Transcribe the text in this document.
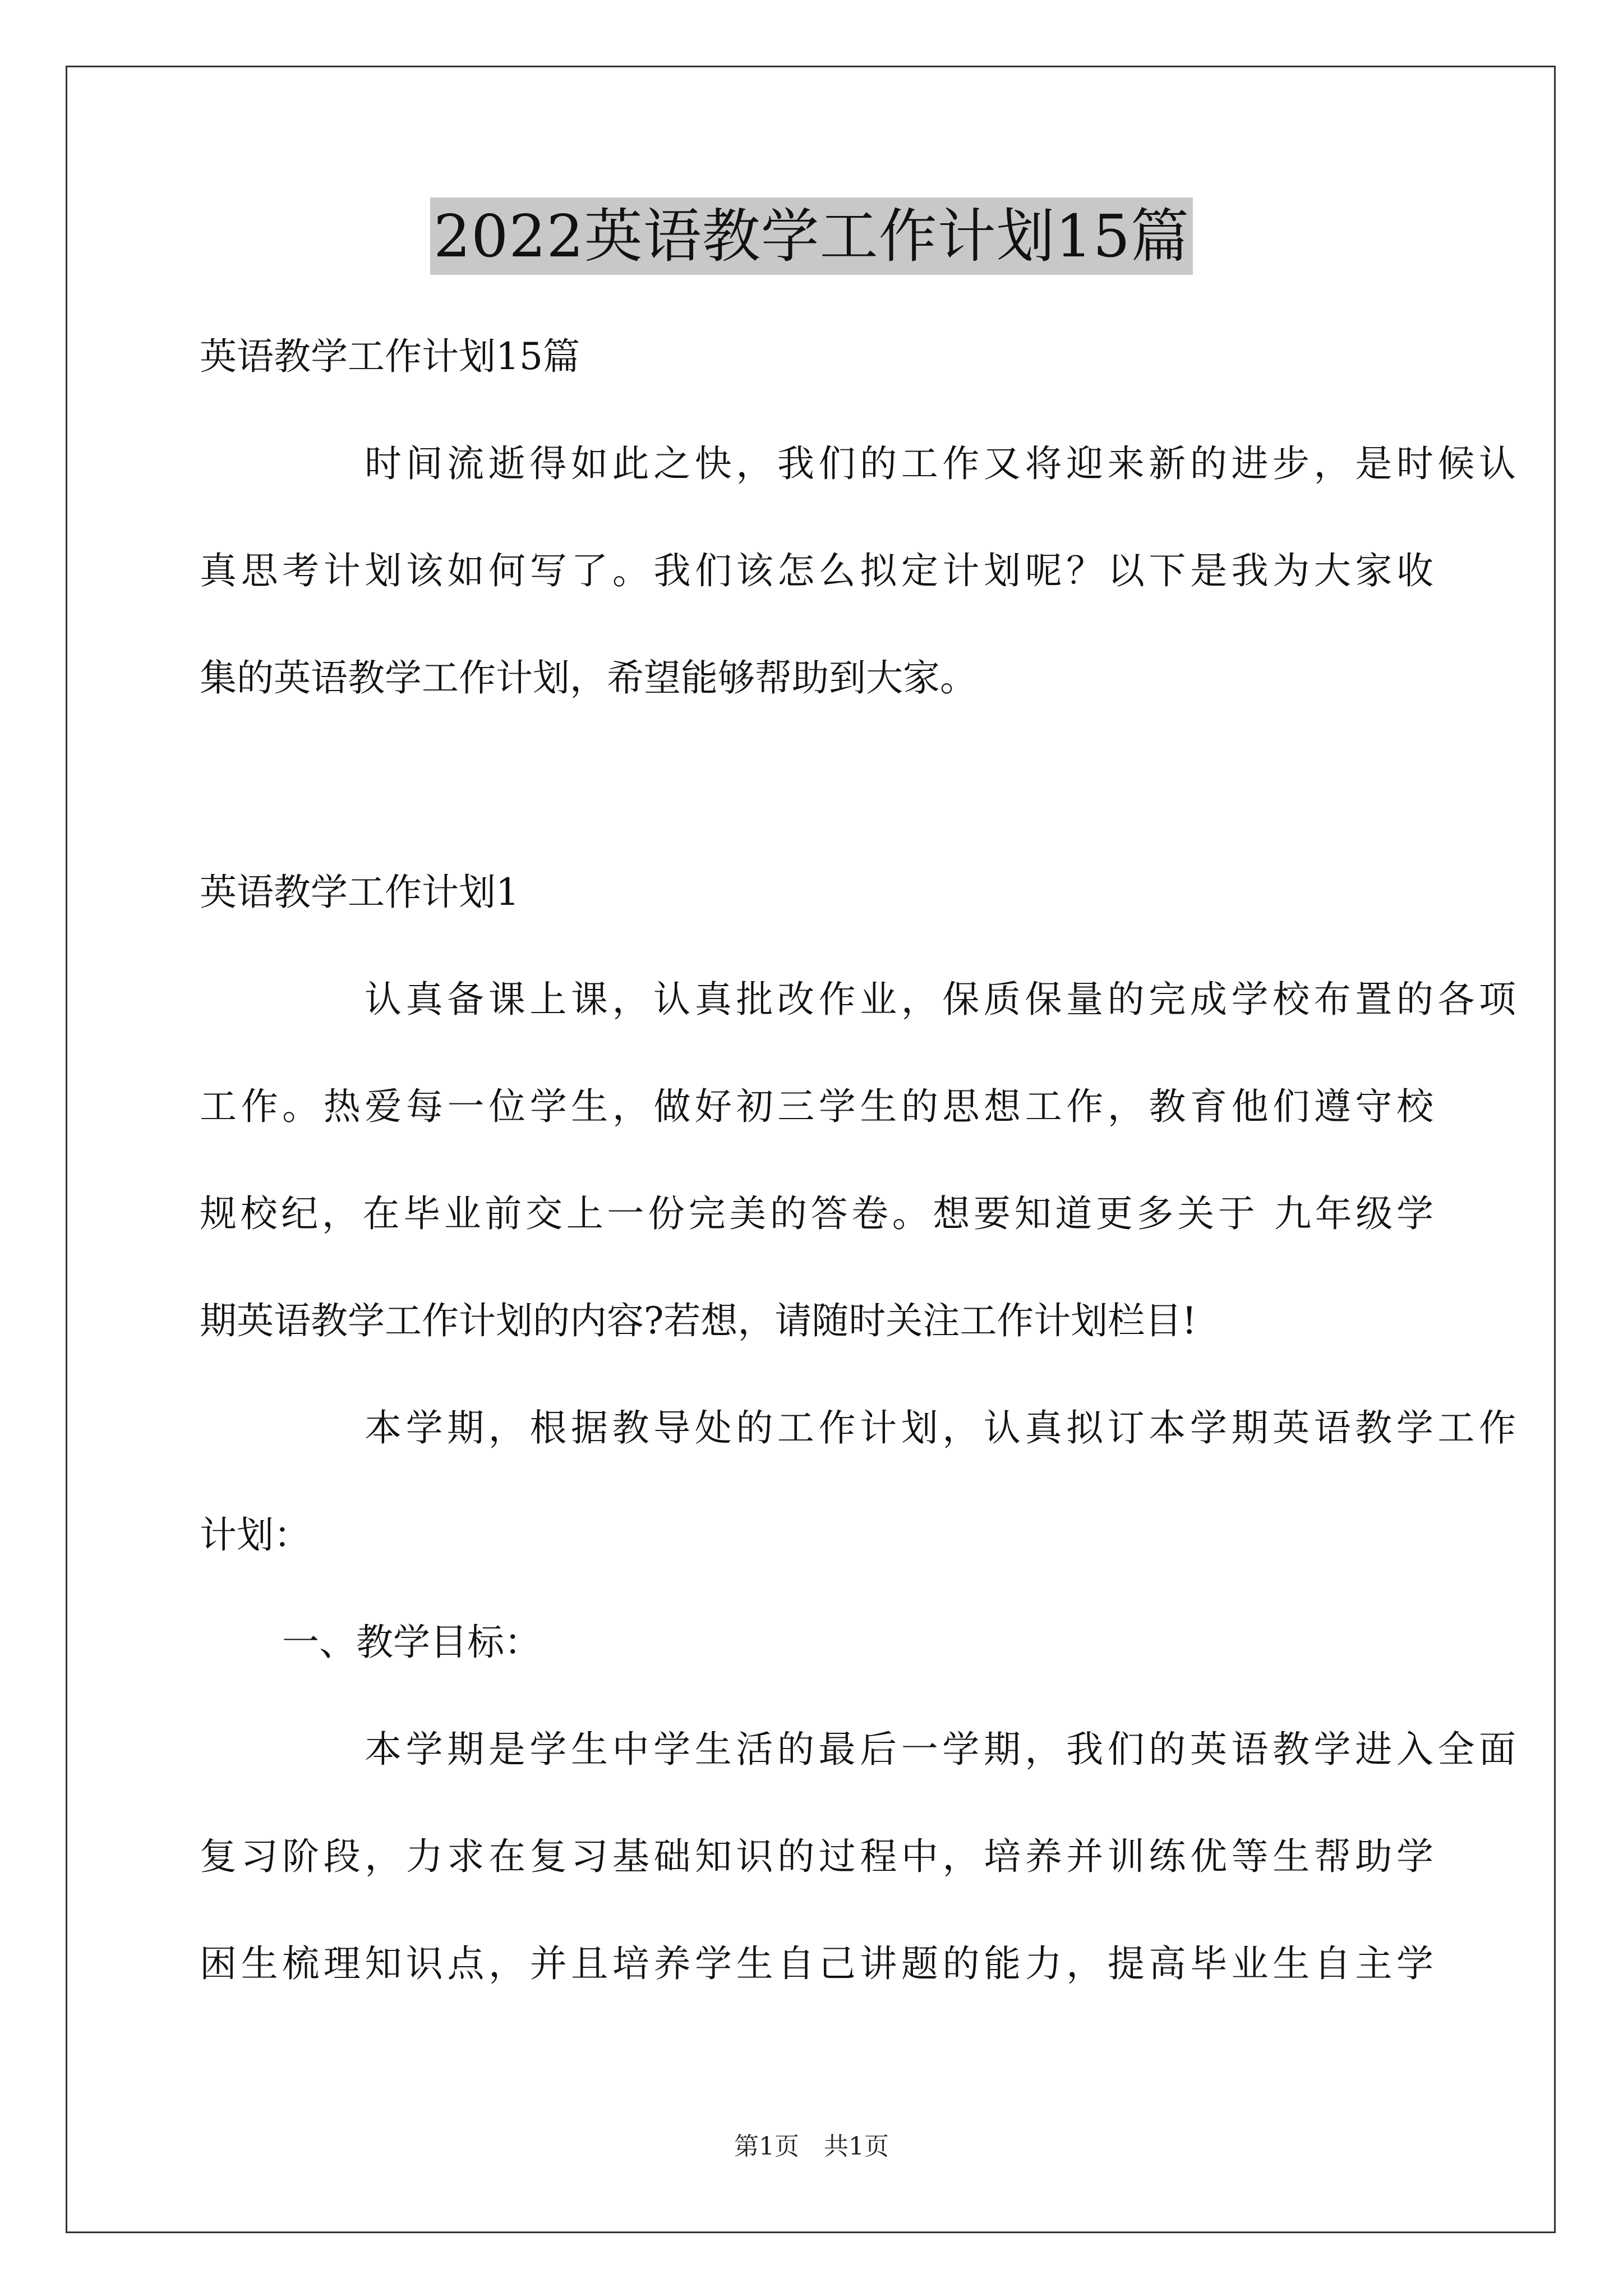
2022英语教学工作计划15篇
英语教学工作计划15篇
时间流逝得如此之快，我们的工作又将迎来新的进步，是时候认
真思考计划该如何写了。我们该怎么拟定计划呢？以下是我为大家收
集的英语教学工作计划，希望能够帮助到大家。
英语教学工作计划1
认真备课上课，认真批改作业，保质保量的完成学校布置的各项
工作。热爱每一位学生，做好初三学生的思想工作，教育他们遵守校
规校纪，在毕业前交上一份完美的答卷。想要知道更多关于 九年级学
期英语教学工作计划的内容?若想，请随时关注工作计划栏目!
本学期，根据教导处的工作计划，认真拟订本学期英语教学工作
计划：
一、教学目标：
本学期是学生中学生活的最后一学期，我们的英语教学进入全面
复习阶段，力求在复习基础知识的过程中，培养并训练优等生帮助学
困生梳理知识点，并且培养学生自己讲题的能力，提高毕业生自主学
第1页　共1页
